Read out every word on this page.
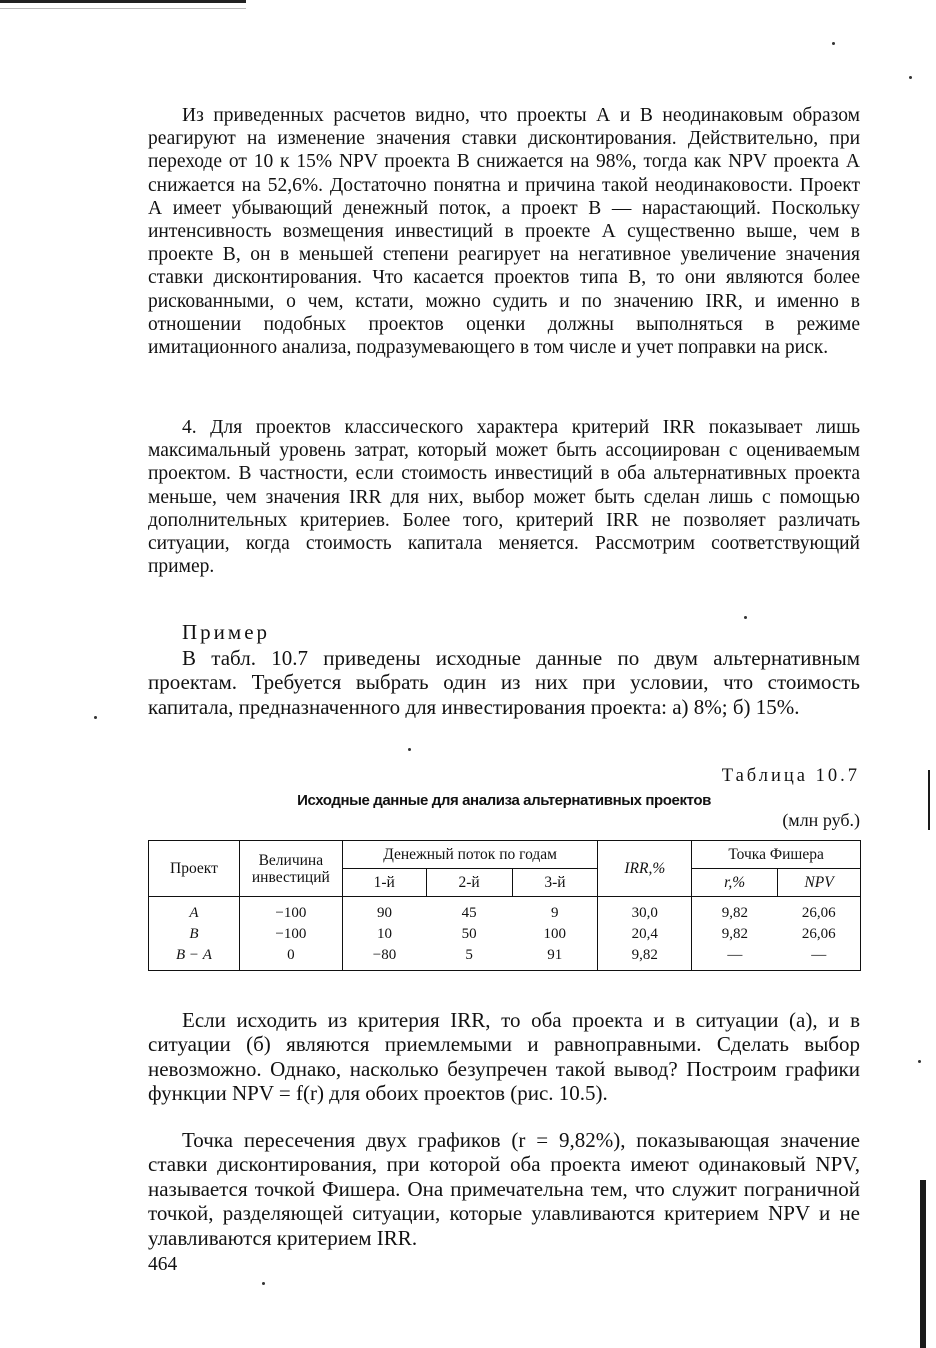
Из приведенных расчетов видно, что проекты А и В неодинаковым образом реагируют на изменение значения ставки дисконтирования. Действительно, при переходе от 10 к 15% NPV проекта В снижается на 98%, тогда как NPV проекта А снижается на 52,6%. Достаточно понятна и причина такой неодинаковости. Проект А имеет убывающий денежный поток, а проект В — нарастающий. Поскольку интенсивность возмещения инвестиций в проекте А существенно выше, чем в проекте В, он в меньшей степени реагирует на негативное увеличение значения ставки дисконтирования. Что касается проектов типа В, то они являются более рискованными, о чем, кстати, можно судить и по значению IRR, и именно в отношении подобных проектов оценки должны выполняться в режиме имитационного анализа, подразумевающего в том числе и учет поправки на риск.

4. Для проектов классического характера критерий IRR показывает лишь максимальный уровень затрат, который может быть ассоциирован с оцениваемым проектом. В частности, если стоимость инвестиций в оба альтернативных проекта меньше, чем значения IRR для них, выбор может быть сделан лишь с помощью дополнительных критериев. Более того, критерий IRR не позволяет различать ситуации, когда стоимость капитала меняется. Рассмотрим соответствующий пример.

Пример

В табл. 10.7 приведены исходные данные по двум альтернативным проектам. Требуется выбрать один из них при условии, что стоимость капитала, предназначенного для инвестирования проекта: а) 8%; б) 15%.

Таблица 10.7
Исходные данные для анализа альтернативных проектов
(млн руб.)
Проект	Величина инвестиций	Денежный поток по годам			IRR,%	Точка Фишера	
		1-й	2-й	3-й		r,%	NPV
А	−100	90	45	9	30,0	9,82	26,06
В	−100	10	50	100	20,4	9,82	26,06
В − А	0	−80	5	91	9,82	—	—

Если исходить из критерия IRR, то оба проекта и в ситуации (а), и в ситуации (б) являются приемлемыми и равноправными. Сделать выбор невозможно. Однако, насколько безупречен такой вывод? Построим графики функции NPV = f(r) для обоих проектов (рис. 10.5).

Точка пересечения двух графиков (r = 9,82%), показывающая значение ставки дисконтирования, при которой оба проекта имеют одинаковый NPV, называется точкой Фишера. Она примечательна тем, что служит пограничной точкой, разделяющей ситуации, которые улавливаются критерием NPV и не улавливаются критерием IRR.

464
